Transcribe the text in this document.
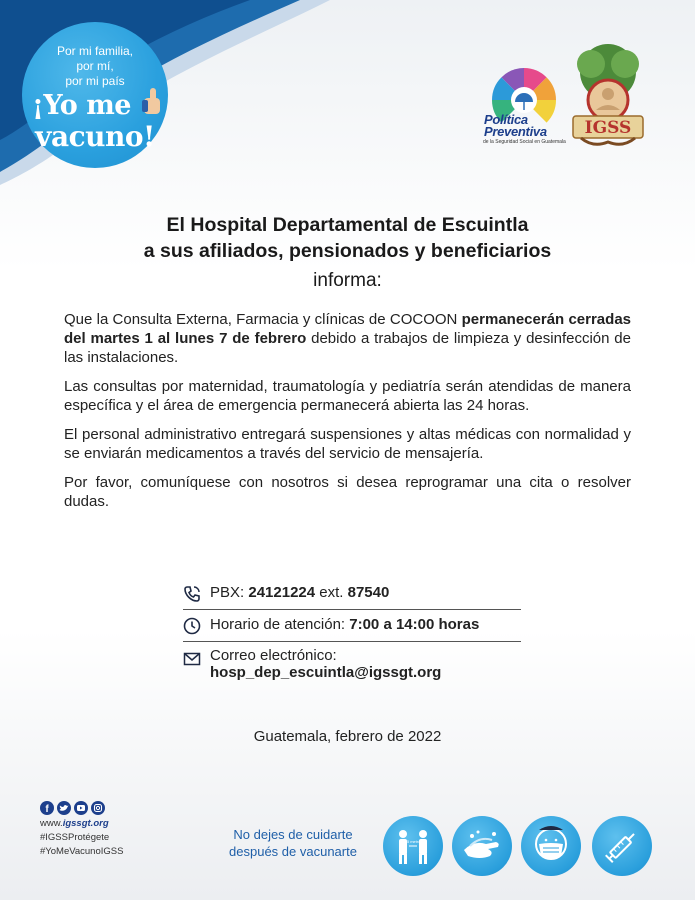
Por mi familia,
por mí,
por mi país
¡Yo me
vacuno!
Política
Preventiva
de la Seguridad Social en Guatemala
IGSS
El Hospital Departamental de Escuintla
a sus afiliados, pensionados y beneficiarios
informa:

Que la Consulta Externa, Farmacia y clínicas de COCOON permanecerán cerradas del martes 1 al lunes 7 de febrero debido a trabajos de limpieza y desinfección de las instalaciones.

Las consultas por maternidad, traumatología y pediatría serán atendidas de manera específica y el área de emergencia permanecerá abierta las 24 horas.

El personal administrativo entregará suspensiones y altas médicas con normalidad y se enviarán medicamentos a través del servicio de mensajería.

Por favor, comuníquese con nosotros si desea reprogramar una cita o resolver dudas.

PBX: 24121224 ext. 87540
Horario de atención: 7:00 a 14:00 horas
Correo electrónico:
hosp_dep_escuintla@igssgt.org
Guatemala, febrero de 2022
f
www.igssgt.org
#IGSSProtégete
#YoMeVacunoIGSS
No dejes de cuidarte
después de vacunarte
1.5 metros
